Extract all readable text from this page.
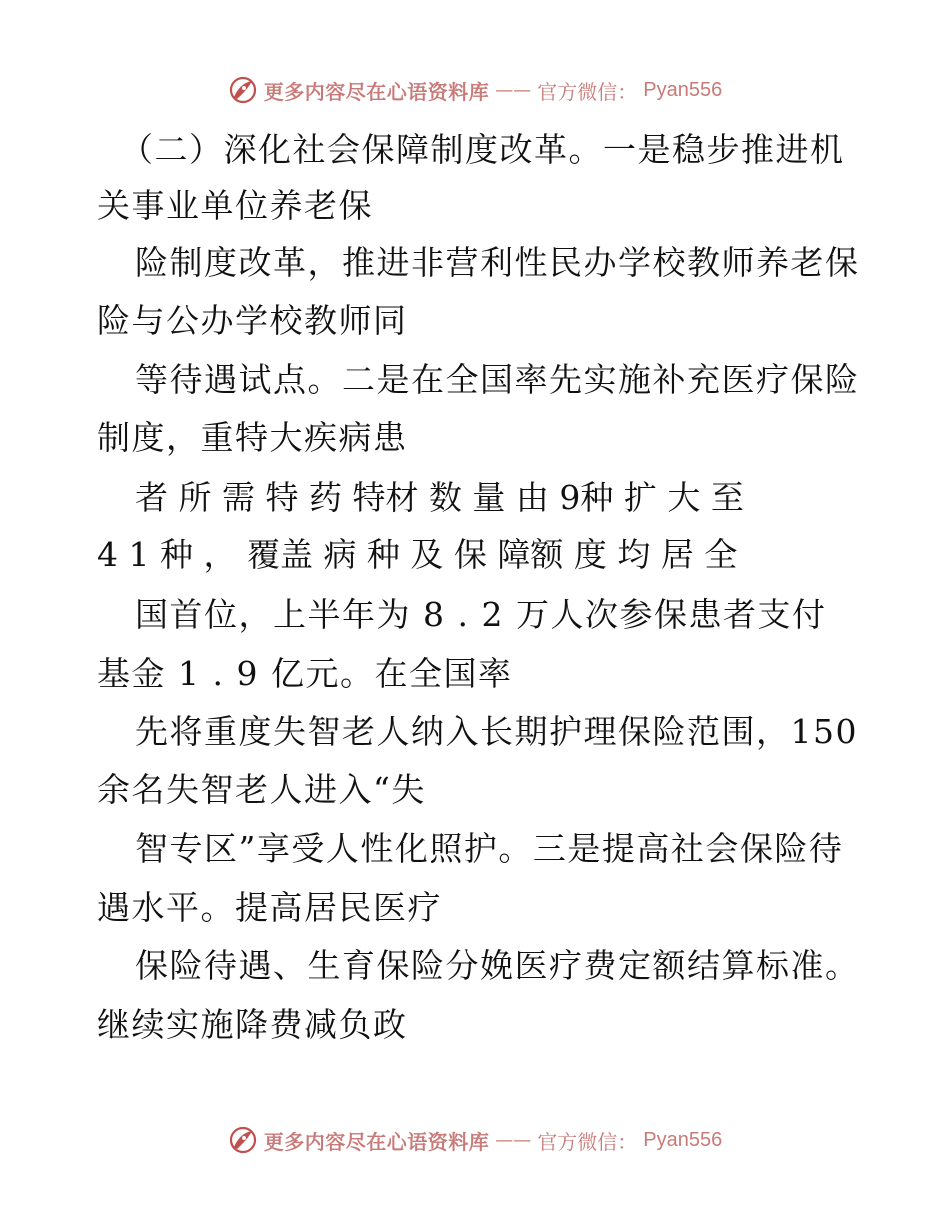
更多内容尽在心语资料库 —— 官方微信： Pyan556
（二）深化社会保障制度改革。一是稳步推进机
关事业单位养老保
险制度改革，推进非营利性民办学校教师养老保
险与公办学校教师同
等待遇试点。二是在全国率先实施补充医疗保险
制度，重特大疾病患
者 所 需 特 药 特材 数 量 由 9种 扩 大 至
4 1 种 ， 覆盖 病 种 及 保 障额 度 均 居 全
国首位，上半年为 8 . 2 万人次参保患者支付
基金 1 . 9 亿元。在全国率
先将重度失智老人纳入长期护理保险范围，150
余名失智老人进入“失
智专区”享受人性化照护。三是提高社会保险待
遇水平。提高居民医疗
保险待遇、生育保险分娩医疗费定额结算标准。
继续实施降费减负政
更多内容尽在心语资料库 —— 官方微信： Pyan556
